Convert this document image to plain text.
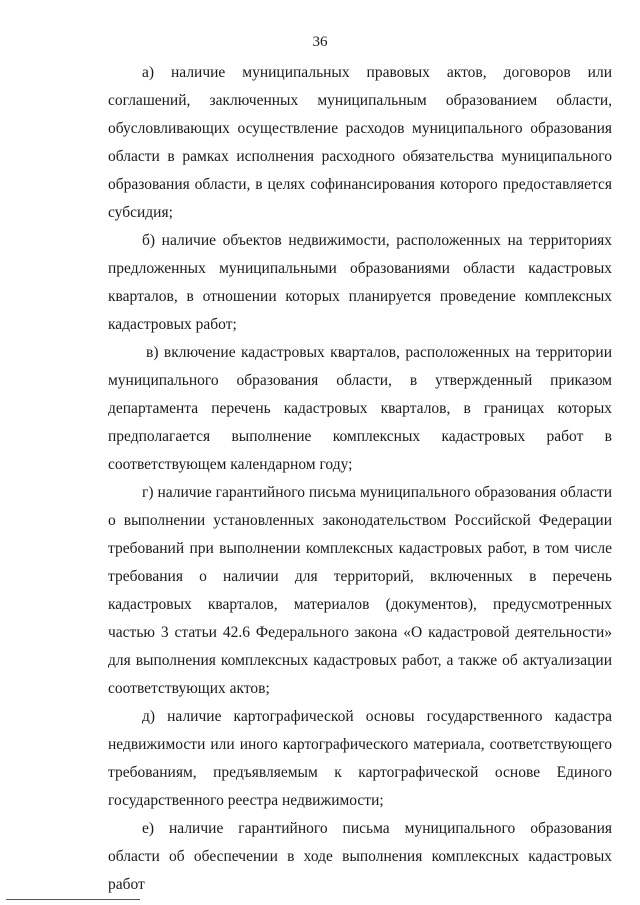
36

а) наличие муниципальных правовых актов, договоров или соглашений, заключенных муниципальным образованием области, обусловливающих осуществление расходов муниципального образования области в рамках исполнения расходного обязательства муниципального образования области, в целях софинансирования которого предоставляется субсидия;

б) наличие объектов недвижимости, расположенных на территориях предложенных муниципальными образованиями области кадастровых кварталов, в отношении которых планируется проведение комплексных кадастровых работ;

в) включение кадастровых кварталов, расположенных на территории муниципального образования области, в утвержденный приказом департамента перечень кадастровых кварталов, в границах которых предполагается выполнение комплексных кадастровых работ в соответствующем календарном году;

г) наличие гарантийного письма муниципального образования области о выполнении установленных законодательством Российской Федерации требований при выполнении комплексных кадастровых работ, в том числе требования о наличии для территорий, включенных в перечень кадастровых кварталов, материалов (документов), предусмотренных частью 3 статьи 42.6 Федерального закона «О кадастровой деятельности» для выполнения комплексных кадастровых работ, а также об актуализации соответствующих актов;

д) наличие картографической основы государственного кадастра недвижимости или иного картографического материала, соответствующего требованиям, предъявляемым к картографической основе Единого государственного реестра недвижимости;

е) наличие гарантийного письма муниципального образования области об обеспечении в ходе выполнения комплексных кадастровых работ
